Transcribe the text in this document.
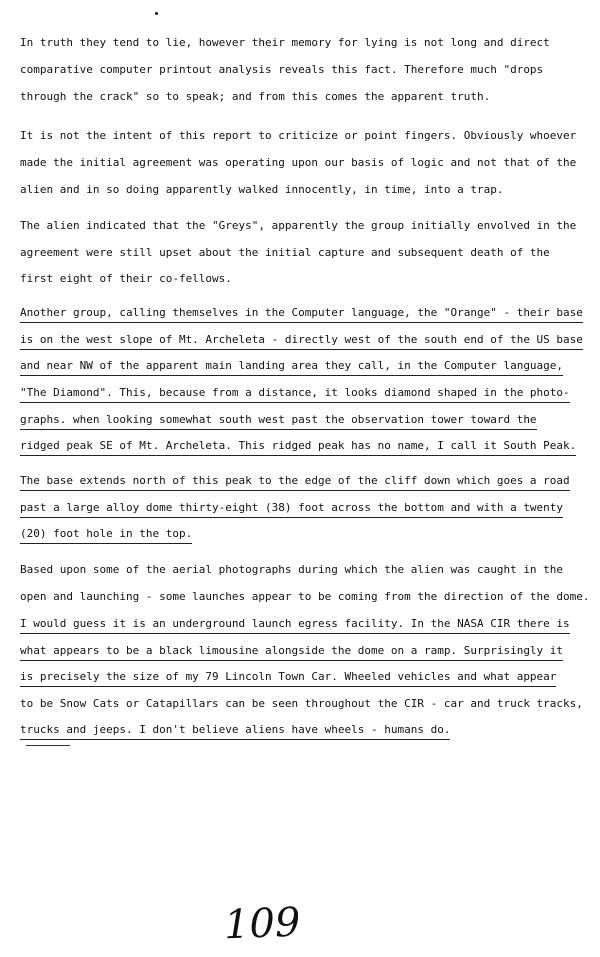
In truth they tend to lie, however their memory for lying is not long and direct
comparative computer printout analysis reveals this fact. Therefore much "drops
through the crack" so to speak; and from this comes the apparent truth.
It is not the intent of this report to criticize or point fingers. Obviously whoever
made the initial agreement was operating upon our basis of logic and not that of the
alien and in so doing apparently walked innocently, in time, into a trap.
The alien indicated that the "Greys", apparently the group initially envolved in the
agreement were still upset about the initial capture and subsequent death of the
first eight of their co-fellows.
Another group, calling themselves in the Computer language, the "Orange" - their base
is on the west slope of Mt. Archeleta - directly west of the south end of the US base
and near NW of the apparent main landing area they call, in the Computer language,
"The Diamond". This, because from a distance, it looks diamond shaped in the photo-
graphs. when looking somewhat south west past the observation tower toward the
ridged peak SE of Mt. Archeleta. This ridged peak has no name, I call it South Peak.
The base extends north of this peak to the edge of the cliff down which goes a road
past a large alloy dome thirty-eight (38) foot across the bottom and with a twenty
(20) foot hole in the top.
Based upon some of the aerial photographs during which the alien was caught in the
open and launching - some launches appear to be coming from the direction of the dome.
I would guess it is an underground launch egress facility. In the NASA CIR there is
what appears to be a black limousine alongside the dome on a ramp. Surprisingly it
is precisely the size of my 79 Lincoln Town Car. Wheeled vehicles and what appear
to be Snow Cats or Catapillars can be seen throughout the CIR - car and truck tracks,
trucks and jeeps. I don't believe aliens have wheels - humans do.
109
